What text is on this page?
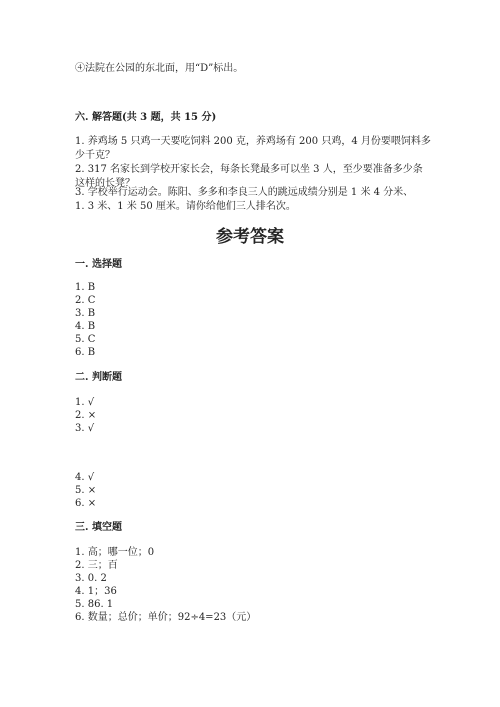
④法院在公园的东北面，用“D”标出。
六. 解答题(共 3 题，共 15 分)
1. 养鸡场 5 只鸡一天要吃饲料 200 克，养鸡场有 200 只鸡，4 月份要喂饲料多
少千克？
2. 317 名家长到学校开家长会，每条长凳最多可以坐 3 人，至少要准备多少条
这样的长凳？
3. 学校举行运动会。陈阳、多多和李良三人的跳远成绩分别是 1 米 4 分米、
1. 3 米、1 米 50 厘米。请你给他们三人排名次。
参考答案
一. 选择题
1. B
2. C
3. B
4. B
5. C
6. B
二. 判断题
1. √
2. ×
3. √
4. √
5. ×
6. ×
三. 填空题
1. 高；哪一位；0
2. 三；百
3. 0. 2
4. 1；36
5. 86. 1
6. 数量；总价；单价；92÷4=23（元）
